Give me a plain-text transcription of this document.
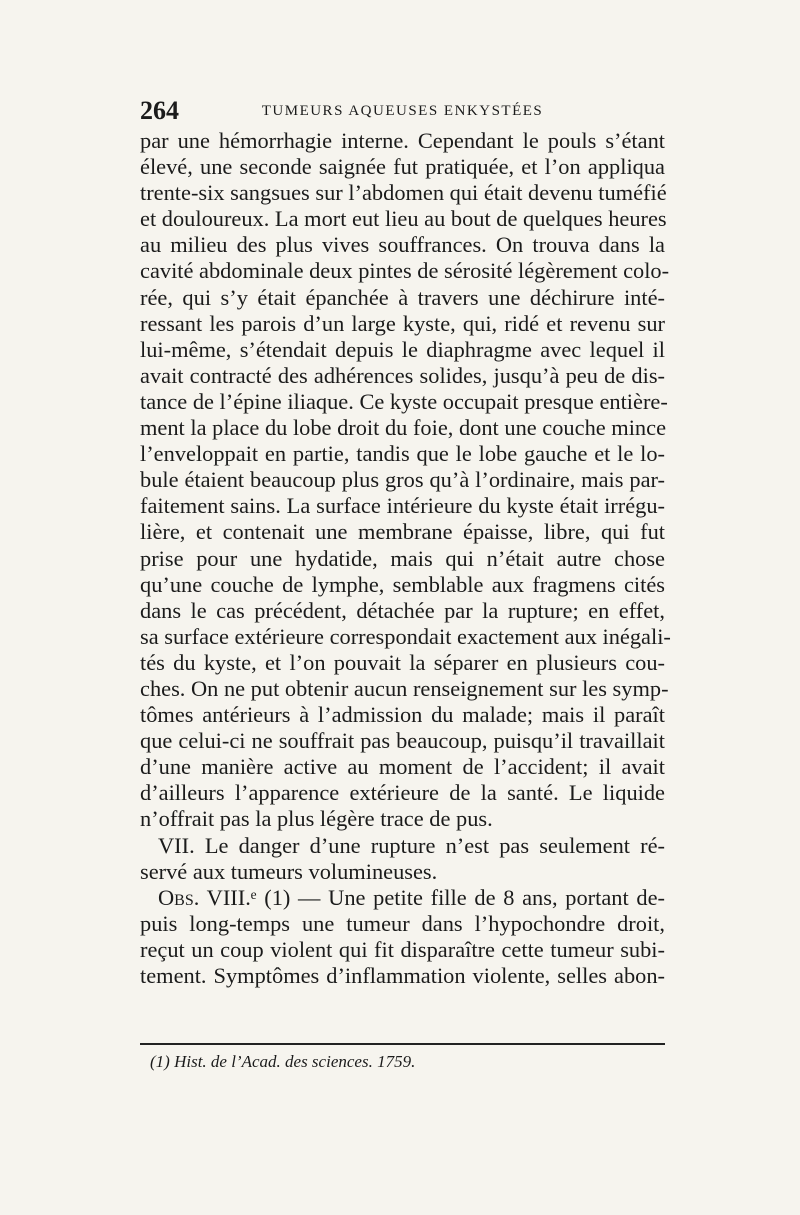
264	TUMEURS AQUEUSES ENKYSTÉES

par une hémorrhagie interne. Cependant le pouls s’étant
élevé, une seconde saignée fut pratiquée, et l’on appliqua
trente-six sangsues sur l’abdomen qui était devenu tuméfié
et douloureux. La mort eut lieu au bout de quelques heures
au milieu des plus vives souffrances. On trouva dans la
cavité abdominale deux pintes de sérosité légèrement colo-
rée, qui s’y était épanchée à travers une déchirure inté-
ressant les parois d’un large kyste, qui, ridé et revenu sur
lui-même, s’étendait depuis le diaphragme avec lequel il
avait contracté des adhérences solides, jusqu’à peu de dis-
tance de l’épine iliaque. Ce kyste occupait presque entière-
ment la place du lobe droit du foie, dont une couche mince
l’enveloppait en partie, tandis que le lobe gauche et le lo-
bule étaient beaucoup plus gros qu’à l’ordinaire, mais par-
faitement sains. La surface intérieure du kyste était irrégu-
lière, et contenait une membrane épaisse, libre, qui fut
prise pour une hydatide, mais qui n’était autre chose
qu’une couche de lymphe, semblable aux fragmens cités
dans le cas précédent, détachée par la rupture; en effet,
sa surface extérieure correspondait exactement aux inégali-
tés du kyste, et l’on pouvait la séparer en plusieurs cou-
ches. On ne put obtenir aucun renseignement sur les symp-
tômes antérieurs à l’admission du malade; mais il paraît
que celui-ci ne souffrait pas beaucoup, puisqu’il travaillait
d’une manière active au moment de l’accident; il avait
d’ailleurs l’apparence extérieure de la santé. Le liquide
n’offrait pas la plus légère trace de pus.

VII. Le danger d’une rupture n’est pas seulement ré-
servé aux tumeurs volumineuses.

Obs. VIII.ᵉ (1) — Une petite fille de 8 ans, portant de-
puis long-temps une tumeur dans l’hypochondre droit,
reçut un coup violent qui fit disparaître cette tumeur subi-
tement. Symptômes d’inflammation violente, selles abon-

(1) Hist. de l’Acad. des sciences. 1759.
